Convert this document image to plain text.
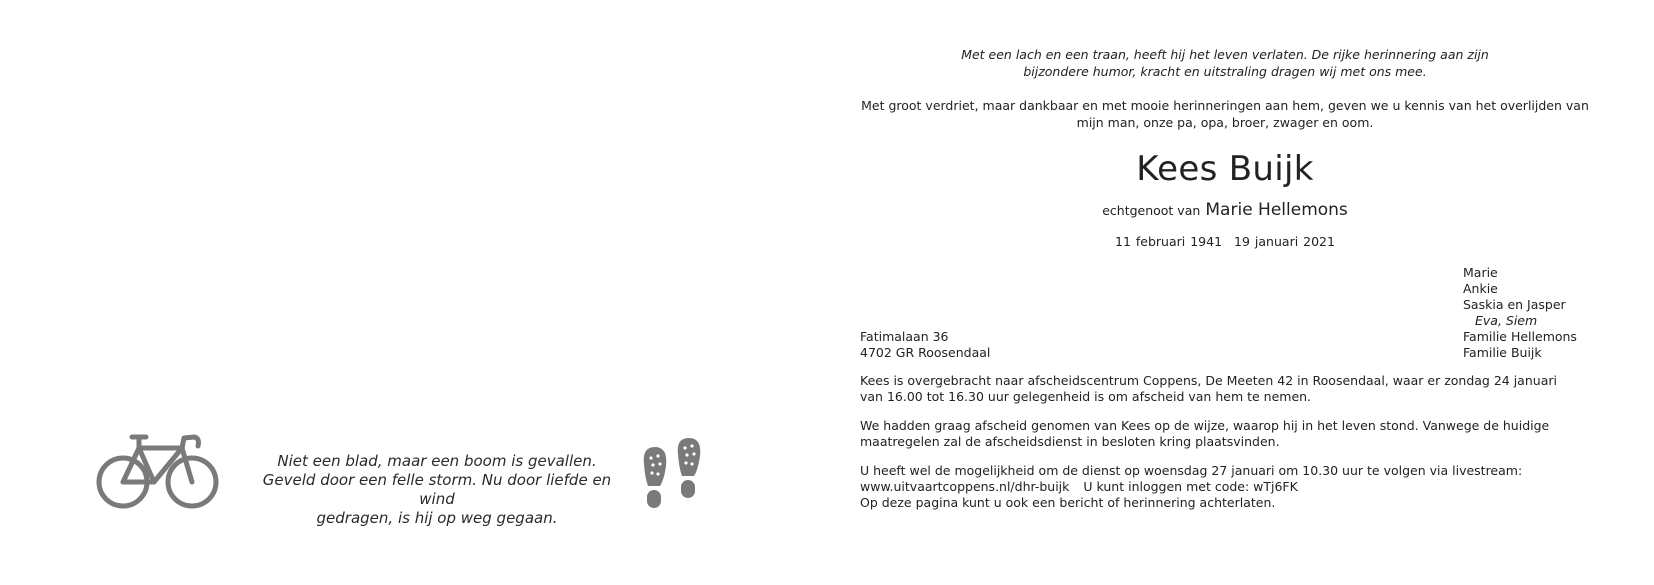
Niet een blad, maar een boom is gevallen.
Geveld door een felle storm. Nu door liefde en wind
gedragen, is hij op weg gegaan.
Met een lach en een traan, heeft hij het leven verlaten. De rijke herinnering aan zijn
bijzondere humor, kracht en uitstraling dragen wij met ons mee.
Met groot verdriet, maar dankbaar en met mooie herinneringen aan hem, geven we u kennis van het overlijden van
mijn man, onze pa, opa, broer, zwager en oom.
Kees Buijk
echtgenoot van Marie Hellemons
11 februari 1941 19 januari 2021
Marie
Ankie
Saskia en Jasper
Eva, Siem
Familie Hellemons
Familie Buijk
Fatimalaan 36
4702 GR Roosendaal
Kees is overgebracht naar afscheidscentrum Coppens, De Meeten 42 in Roosendaal, waar er zondag 24 januari van 16.00 tot 16.30 uur gelegenheid is om afscheid van hem te nemen.
We hadden graag afscheid genomen van Kees op de wijze, waarop hij in het leven stond. Vanwege de huidige maatregelen zal de afscheidsdienst in besloten kring plaatsvinden.
U heeft wel de mogelijkheid om de dienst op woensdag 27 januari om 10.30 uur te volgen via livestream:
www.uitvaartcoppens.nl/dhr-buijk U kunt inloggen met code: wTj6FK
Op deze pagina kunt u ook een bericht of herinnering achterlaten.
